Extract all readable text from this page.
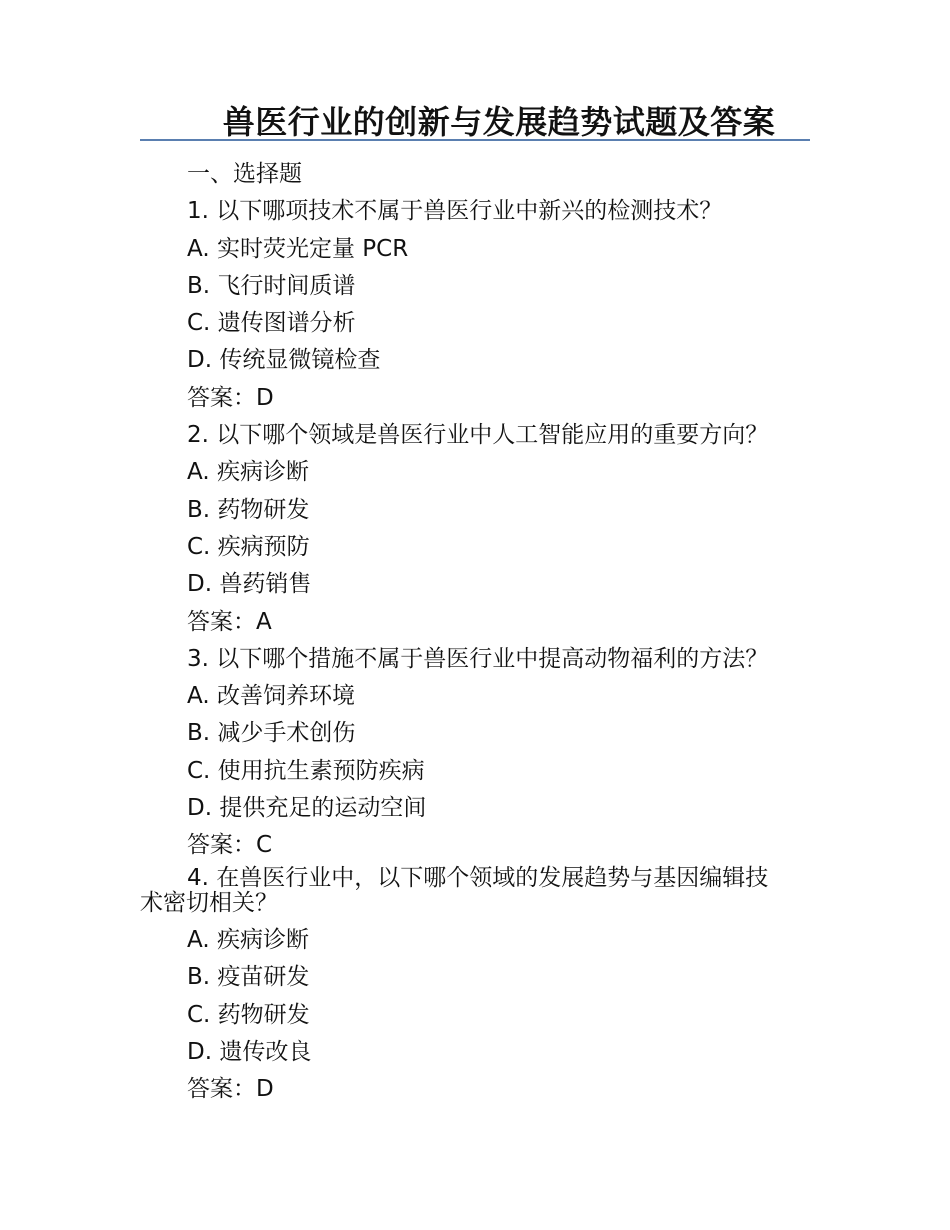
兽医行业的创新与发展趋势试题及答案
一、选择题
1. 以下哪项技术不属于兽医行业中新兴的检测技术？
A. 实时荧光定量 PCR
B. 飞行时间质谱
C. 遗传图谱分析
D. 传统显微镜检查
答案：D
2. 以下哪个领域是兽医行业中人工智能应用的重要方向？
A. 疾病诊断
B. 药物研发
C. 疾病预防
D. 兽药销售
答案：A
3. 以下哪个措施不属于兽医行业中提高动物福利的方法？
A. 改善饲养环境
B. 减少手术创伤
C. 使用抗生素预防疾病
D. 提供充足的运动空间
答案：C
4. 在兽医行业中，以下哪个领域的发展趋势与基因编辑技
术密切相关？
A. 疾病诊断
B. 疫苗研发
C. 药物研发
D. 遗传改良
答案：D
